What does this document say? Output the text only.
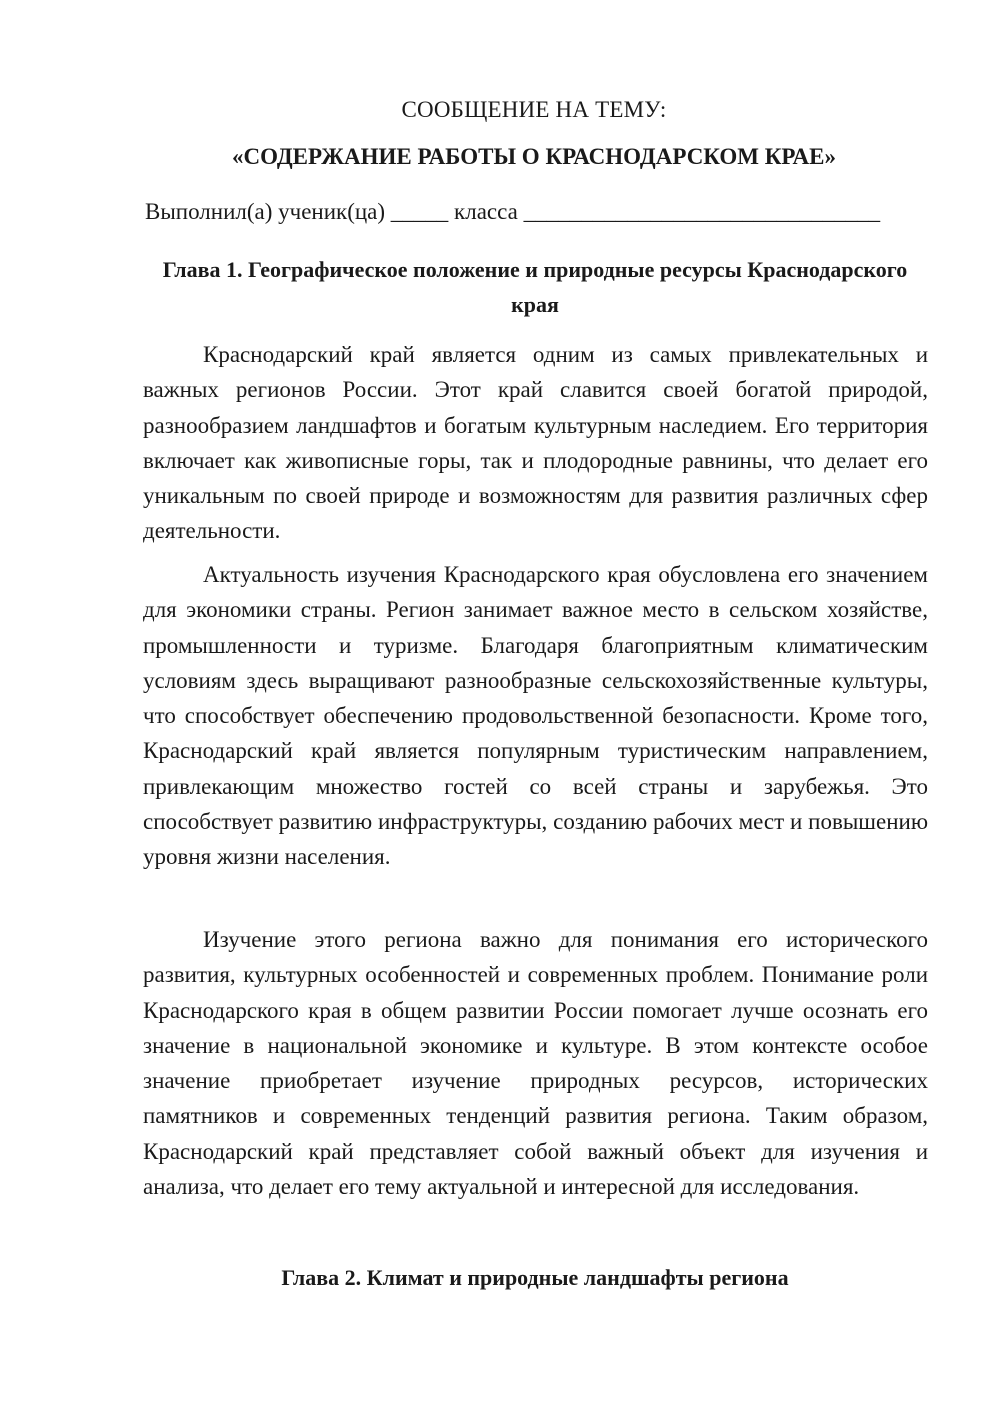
СООБЩЕНИЕ НА ТЕМУ:
«СОДЕРЖАНИЕ РАБОТЫ О КРАСНОДАРСКОМ КРАЕ»
Выполнил(а) ученик(ца) _____ класса _______________________________
Глава 1. Географическое положение и природные ресурсы Краснодарского края

Краснодарский край является одним из самых привлекательных и важных регионов России. Этот край славится своей богатой природой, разнообразием ландшафтов и богатым культурным наследием. Его территория включает как живописные горы, так и плодородные равнины, что делает его уникальным по своей природе и возможностям для развития различных сфер деятельности.

Актуальность изучения Краснодарского края обусловлена его значением для экономики страны. Регион занимает важное место в сельском хозяйстве, промышленности и туризме. Благодаря благоприятным климатическим условиям здесь выращивают разнообразные сельскохозяйственные культуры, что способствует обеспечению продовольственной безопасности. Кроме того, Краснодарский край является популярным туристическим направлением, привлекающим множество гостей со всей страны и зарубежья. Это способствует развитию инфраструктуры, созданию рабочих мест и повышению уровня жизни населения.

Изучение этого региона важно для понимания его исторического развития, культурных особенностей и современных проблем. Понимание роли Краснодарского края в общем развитии России помогает лучше осознать его значение в национальной экономике и культуре. В этом контексте особое значение приобретает изучение природных ресурсов, исторических памятников и современных тенденций развития региона. Таким образом, Краснодарский край представляет собой важный объект для изучения и анализа, что делает его тему актуальной и интересной для исследования.

Глава 2. Климат и природные ландшафты региона
